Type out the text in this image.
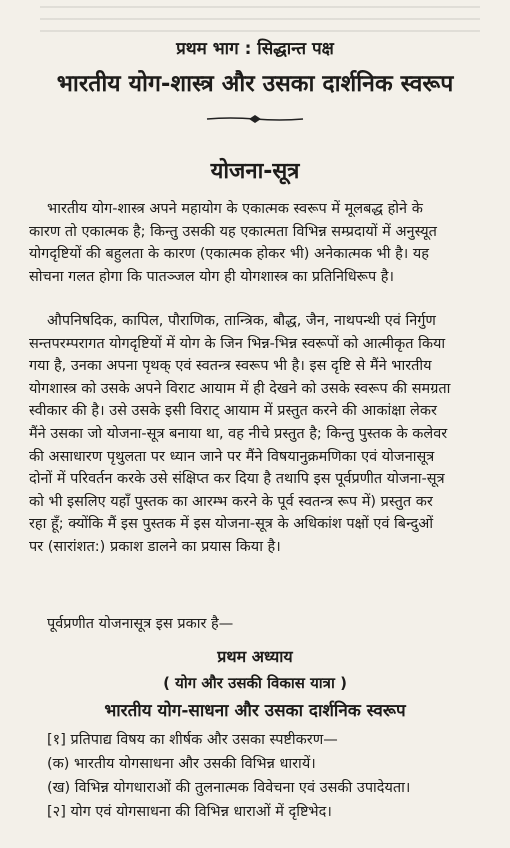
प्रथम भाग : सिद्धान्त पक्ष
भारतीय योग-शास्त्र और उसका दार्शनिक स्वरूप
योजना-सूत्र
भारतीय योग-शास्त्र अपने महायोग के एकात्मक स्वरूप में मूलबद्ध होने के
कारण तो एकात्मक है; किन्तु उसकी यह एकात्मता विभिन्न सम्प्रदायों में अनुस्यूत
योगदृष्टियों की बहुलता के कारण (एकात्मक होकर भी) अनेकात्मक भी है। यह
सोचना गलत होगा कि पातञ्जल योग ही योगशास्त्र का प्रतिनिधिरूप है।
औपनिषदिक, कापिल, पौराणिक, तान्त्रिक, बौद्ध, जैन, नाथपन्थी एवं निर्गुण
सन्तपरम्परागत योगदृष्टियों में योग के जिन भिन्न-भिन्न स्वरूपों को आत्मीकृत किया
गया है, उनका अपना पृथक् एवं स्वतन्त्र स्वरूप भी है। इस दृष्टि से मैंने भारतीय
योगशास्त्र को उसके अपने विराट आयाम में ही देखने को उसके स्वरूप की समग्रता
स्वीकार की है। उसे उसके इसी विराट् आयाम में प्रस्तुत करने की आकांक्षा लेकर
मैंने उसका जो योजना-सूत्र बनाया था, वह नीचे प्रस्तुत है; किन्तु पुस्तक के कलेवर
की असाधारण पृथुलता पर ध्यान जाने पर मैंने विषयानुक्रमणिका एवं योजनासूत्र
दोनों में परिवर्तन करके उसे संक्षिप्त कर दिया है तथापि इस पूर्वप्रणीत योजना-सूत्र
को भी इसलिए यहाँ पुस्तक का आरम्भ करने के पूर्व स्वतन्त्र रूप में) प्रस्तुत कर
रहा हूँ; क्योंकि मैं इस पुस्तक में इस योजना-सूत्र के अधिकांश पक्षों एवं बिन्दुओं
पर (सारांशत:) प्रकाश डालने का प्रयास किया है।
पूर्वप्रणीत योजनासूत्र इस प्रकार है—
प्रथम अध्याय
( योग और उसकी विकास यात्रा )
भारतीय योग-साधना और उसका दार्शनिक स्वरूप
[१] प्रतिपाद्य विषय का शीर्षक और उसका स्पष्टीकरण—
(क) भारतीय योगसाधना और उसकी विभिन्न धारायें।
(ख) विभिन्न योगधाराओं की तुलनात्मक विवेचना एवं उसकी उपादेयता।
[२] योग एवं योगसाधना की विभिन्न धाराओं में दृष्टिभेद।
